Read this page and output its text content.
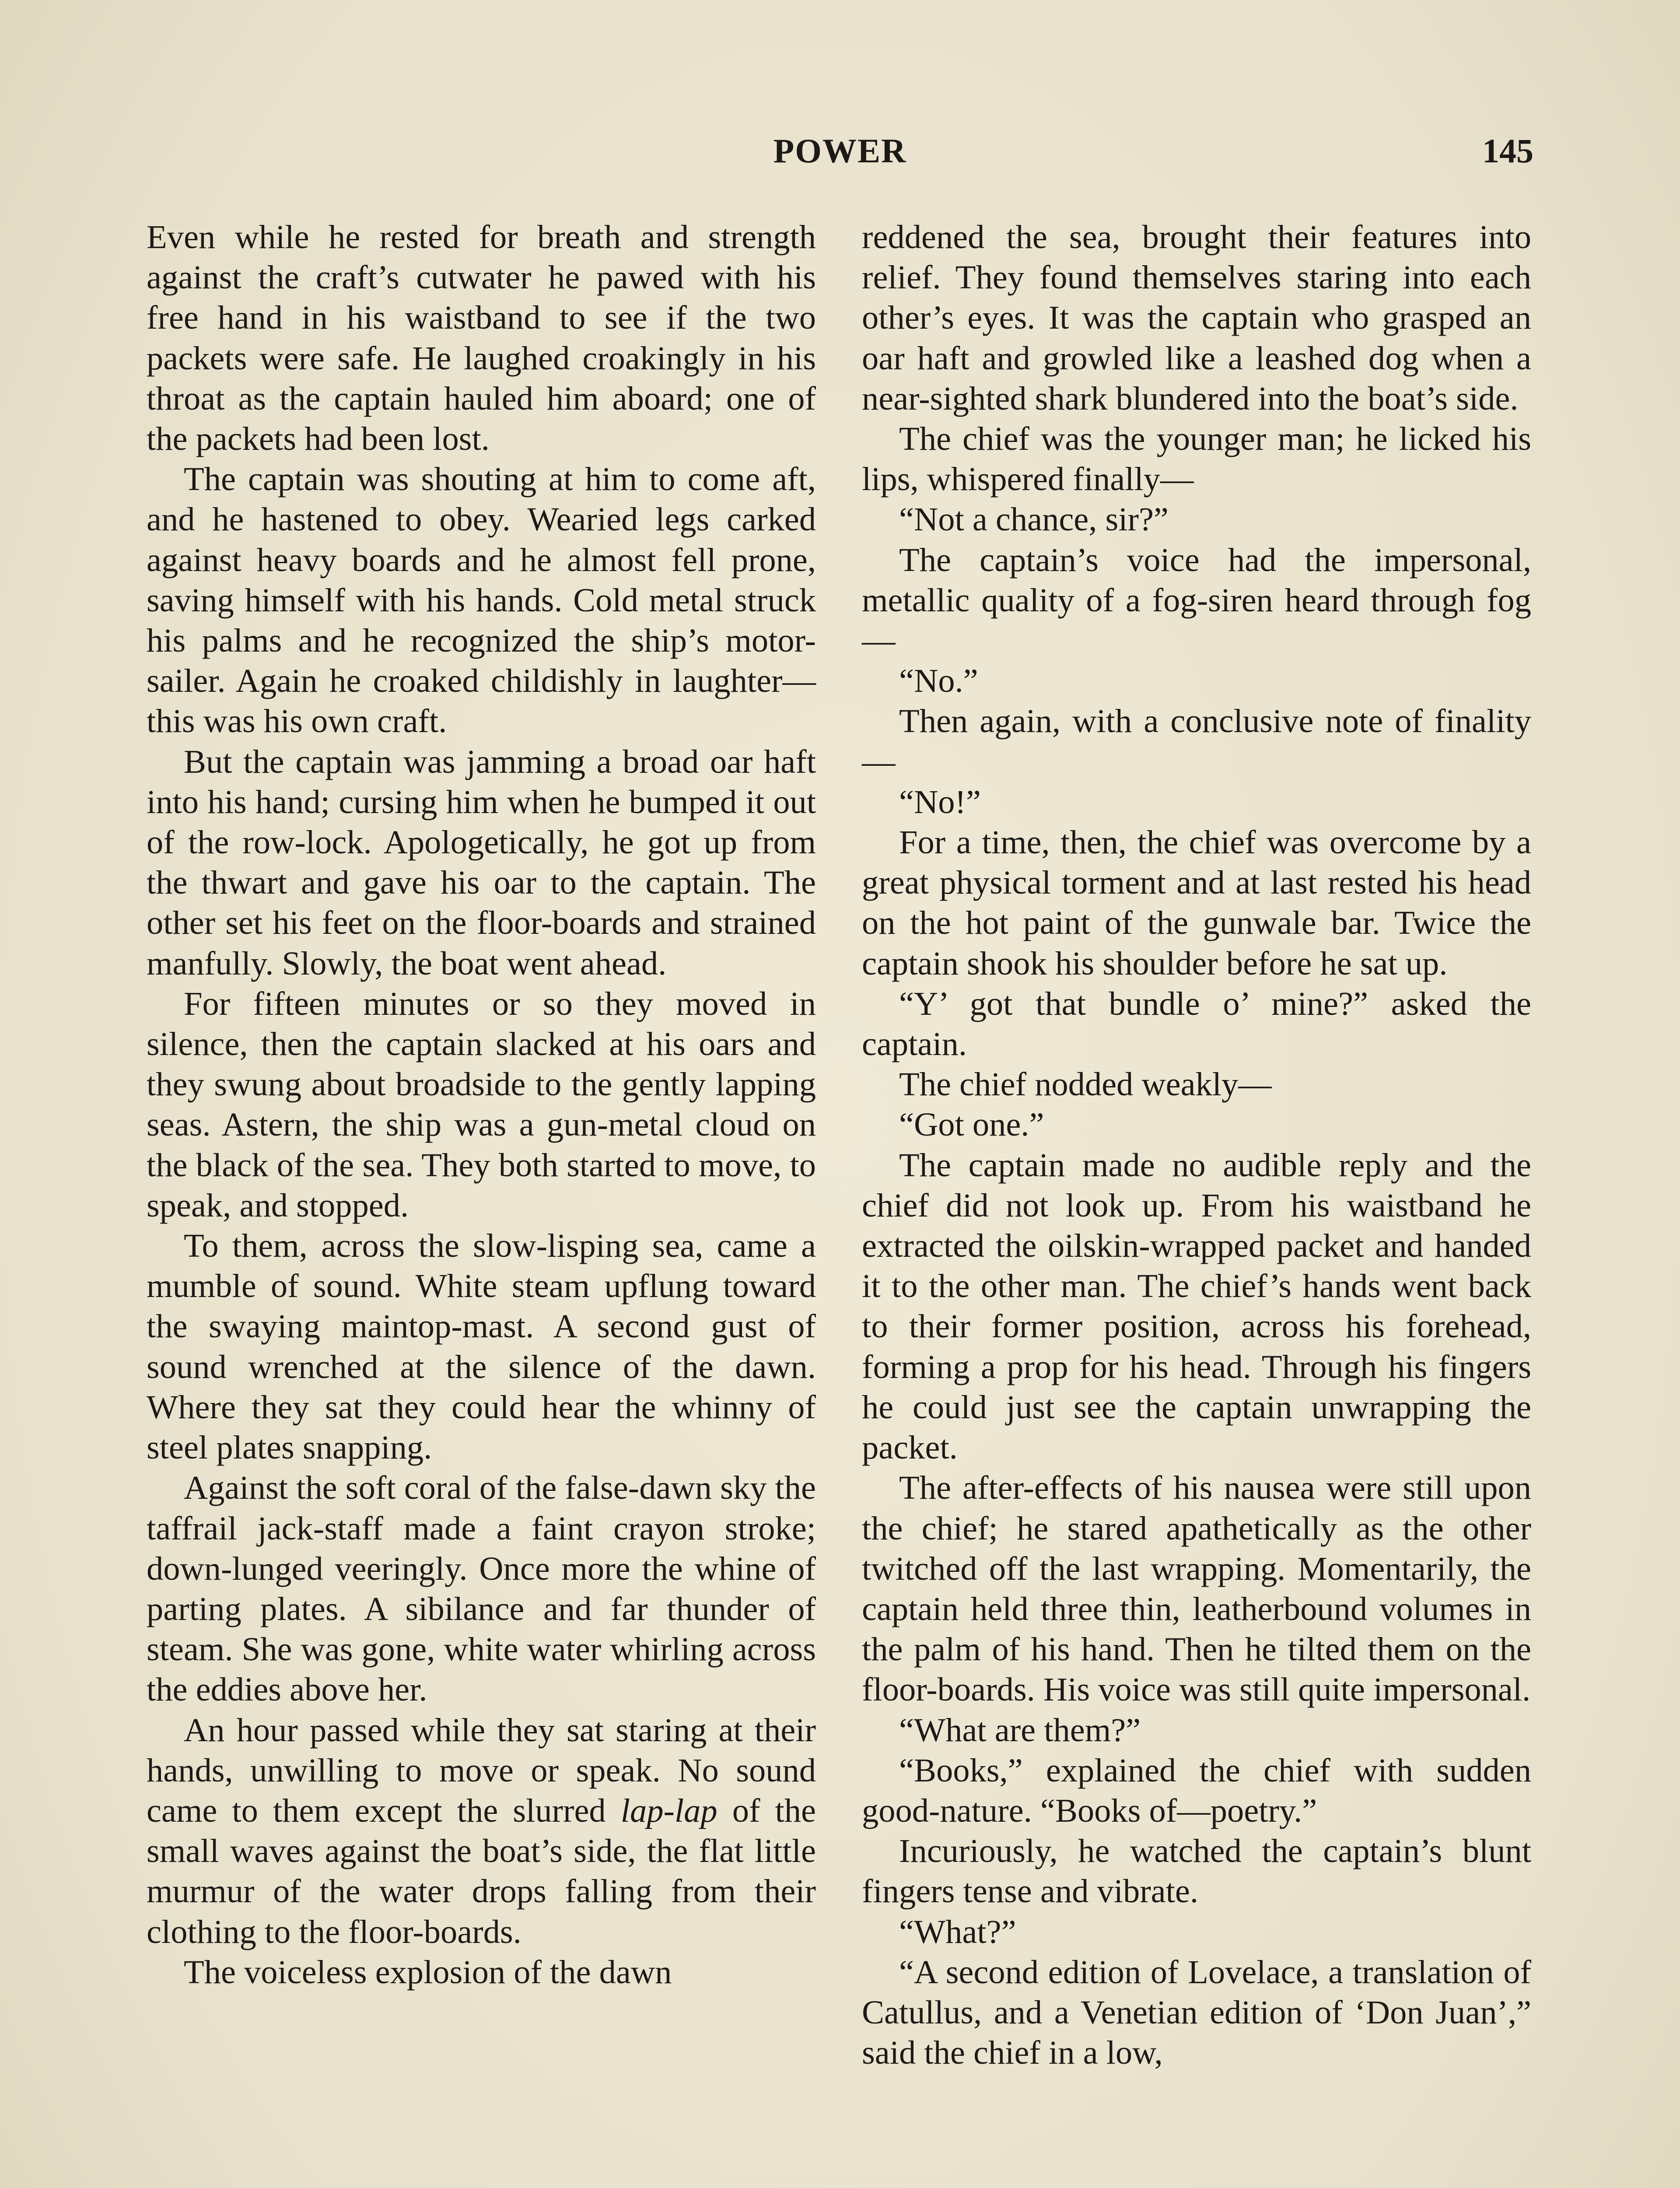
POWER	145

Even while he rested for breath and strength against the craft’s cutwater he pawed with his free hand in his waistband to see if the two packets were safe. He laughed croakingly in his throat as the captain hauled him aboard; one of the packets had been lost.

The captain was shouting at him to come aft, and he hastened to obey. Wearied legs carked against heavy boards and he almost fell prone, saving himself with his hands. Cold metal struck his palms and he recognized the ship’s motor-sailer. Again he croaked childishly in laughter—this was his own craft.

But the captain was jamming a broad oar haft into his hand; cursing him when he bumped it out of the row-lock. Apologetically, he got up from the thwart and gave his oar to the captain. The other set his feet on the floor-boards and strained manfully. Slowly, the boat went ahead.

For fifteen minutes or so they moved in silence, then the captain slacked at his oars and they swung about broadside to the gently lapping seas. Astern, the ship was a gun-metal cloud on the black of the sea. They both started to move, to speak, and stopped.

To them, across the slow-lisping sea, came a mumble of sound. White steam upflung toward the swaying maintop-mast. A second gust of sound wrenched at the silence of the dawn. Where they sat they could hear the whinny of steel plates snapping.

Against the soft coral of the false-dawn sky the taffrail jack-staff made a faint crayon stroke; down-lunged veeringly. Once more the whine of parting plates. A sibilance and far thunder of steam. She was gone, white water whirling across the eddies above her.

An hour passed while they sat staring at their hands, unwilling to move or speak. No sound came to them except the slurred lap-lap of the small waves against the boat’s side, the flat little murmur of the water drops falling from their clothing to the floor-boards.

The voiceless explosion of the dawn

reddened the sea, brought their features into relief. They found themselves staring into each other’s eyes. It was the captain who grasped an oar haft and growled like a leashed dog when a near-sighted shark blundered into the boat’s side.

The chief was the younger man; he licked his lips, whispered finally—

“Not a chance, sir?”

The captain’s voice had the impersonal, metallic quality of a fog-siren heard through fog—

“No.”

Then again, with a conclusive note of finality—

“No!”

For a time, then, the chief was overcome by a great physical torment and at last rested his head on the hot paint of the gunwale bar. Twice the captain shook his shoulder before he sat up.

“Y’ got that bundle o’ mine?” asked the captain.

The chief nodded weakly—

“Got one.”

The captain made no audible reply and the chief did not look up. From his waistband he extracted the oilskin-wrapped packet and handed it to the other man. The chief’s hands went back to their former position, across his forehead, forming a prop for his head. Through his fingers he could just see the captain unwrapping the packet.

The after-effects of his nausea were still upon the chief; he stared apathetically as the other twitched off the last wrapping. Momentarily, the captain held three thin, leatherbound volumes in the palm of his hand. Then he tilted them on the floor-boards. His voice was still quite impersonal.

“What are them?”

“Books,” explained the chief with sudden good-nature. “Books of—poetry.”

Incuriously, he watched the captain’s blunt fingers tense and vibrate.

“What?”

“A second edition of Lovelace, a translation of Catullus, and a Venetian edition of ‘Don Juan’,” said the chief in a low,
